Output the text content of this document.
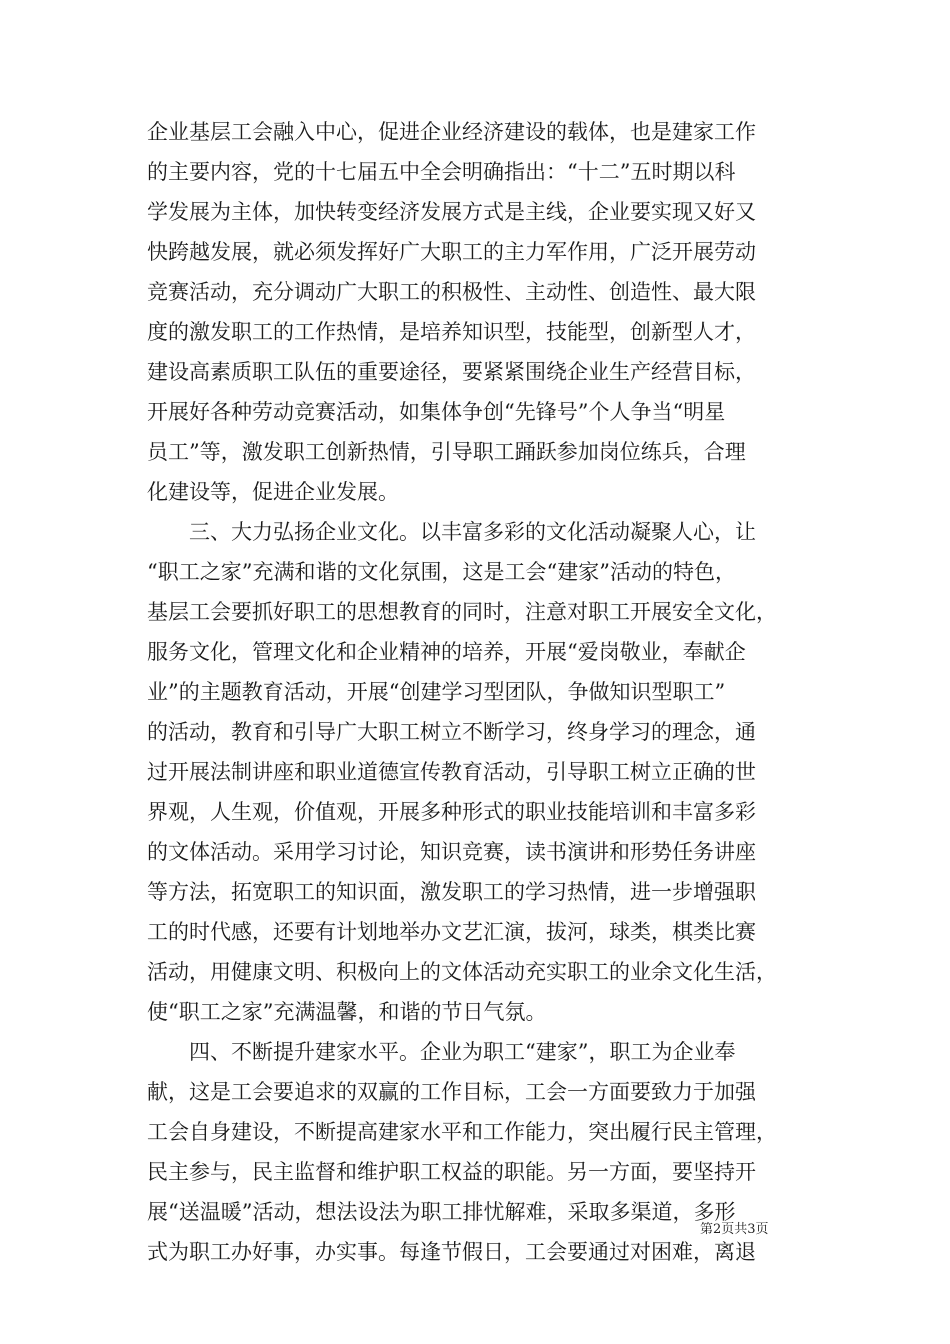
企业基层工会融入中心，促进企业经济建设的载体，也是建家工作
的主要内容，党的十七届五中全会明确指出：“十二”五时期以科
学发展为主体，加快转变经济发展方式是主线，企业要实现又好又
快跨越发展，就必须发挥好广大职工的主力军作用，广泛开展劳动
竞赛活动，充分调动广大职工的积极性、主动性、创造性、最大限
度的激发职工的工作热情，是培养知识型，技能型，创新型人才，
建设高素质职工队伍的重要途径，要紧紧围绕企业生产经营目标，
开展好各种劳动竞赛活动，如集体争创“先锋号”个人争当“明星
员工”等，激发职工创新热情，引导职工踊跃参加岗位练兵，合理
化建设等，促进企业发展。
　　三、大力弘扬企业文化。以丰富多彩的文化活动凝聚人心，让
“职工之家”充满和谐的文化氛围，这是工会“建家”活动的特色，
基层工会要抓好职工的思想教育的同时，注意对职工开展安全文化，
服务文化，管理文化和企业精神的培养，开展“爱岗敬业，奉献企
业”的主题教育活动，开展“创建学习型团队，争做知识型职工”
的活动，教育和引导广大职工树立不断学习，终身学习的理念，通
过开展法制讲座和职业道德宣传教育活动，引导职工树立正确的世
界观，人生观，价值观，开展多种形式的职业技能培训和丰富多彩
的文体活动。采用学习讨论，知识竞赛，读书演讲和形势任务讲座
等方法，拓宽职工的知识面，激发职工的学习热情，进一步增强职
工的时代感，还要有计划地举办文艺汇演，拔河，球类，棋类比赛
活动，用健康文明、积极向上的文体活动充实职工的业余文化生活，
使“职工之家”充满温馨，和谐的节日气氛。
　　四、不断提升建家水平。企业为职工“建家”，职工为企业奉
献，这是工会要追求的双赢的工作目标，工会一方面要致力于加强
工会自身建设，不断提高建家水平和工作能力，突出履行民主管理，
民主参与，民主监督和维护职工权益的职能。另一方面，要坚持开
展“送温暖”活动，想法设法为职工排忧解难，采取多渠道，多形
式为职工办好事，办实事。每逢节假日，工会要通过对困难，离退
第2页共3页
